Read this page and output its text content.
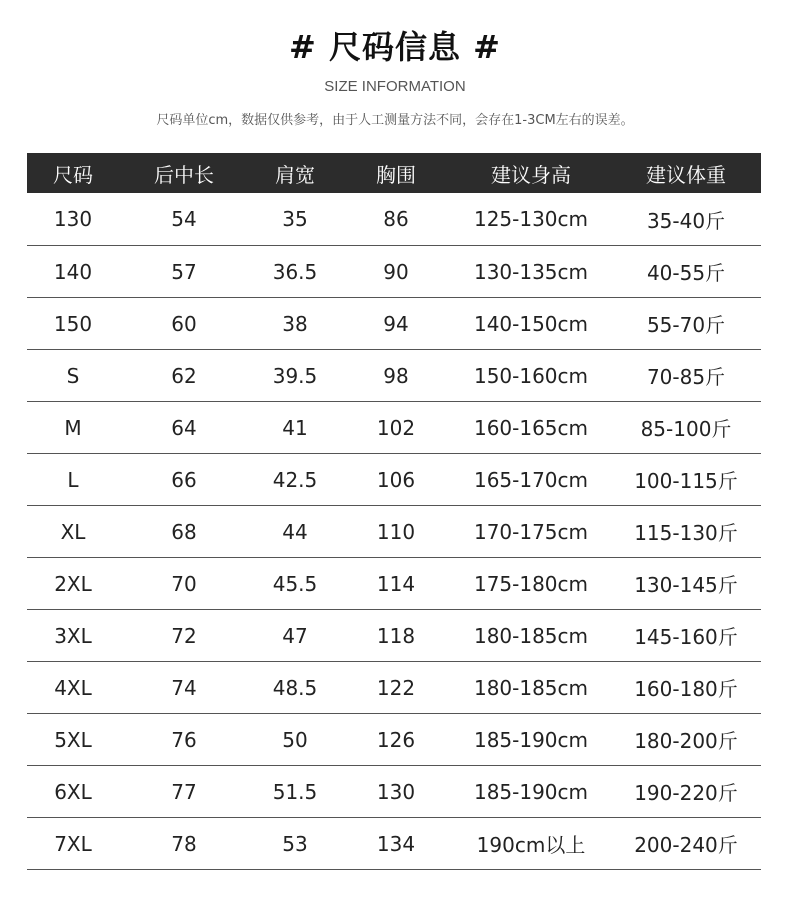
# 尺码信息 #
SIZE INFORMATION
尺码单位cm，数据仅供参考，由于人工测量方法不同，会存在1-3CM左右的误差。
尺码	后中长	肩宽	胸围	建议身高	建议体重
130	54	35	86	125-130cm	35-40斤
140	57	36.5	90	130-135cm	40-55斤
150	60	38	94	140-150cm	55-70斤
S	62	39.5	98	150-160cm	70-85斤
M	64	41	102	160-165cm	85-100斤
L	66	42.5	106	165-170cm	100-115斤
XL	68	44	110	170-175cm	115-130斤
2XL	70	45.5	114	175-180cm	130-145斤
3XL	72	47	118	180-185cm	145-160斤
4XL	74	48.5	122	180-185cm	160-180斤
5XL	76	50	126	185-190cm	180-200斤
6XL	77	51.5	130	185-190cm	190-220斤
7XL	78	53	134	190cm以上	200-240斤
